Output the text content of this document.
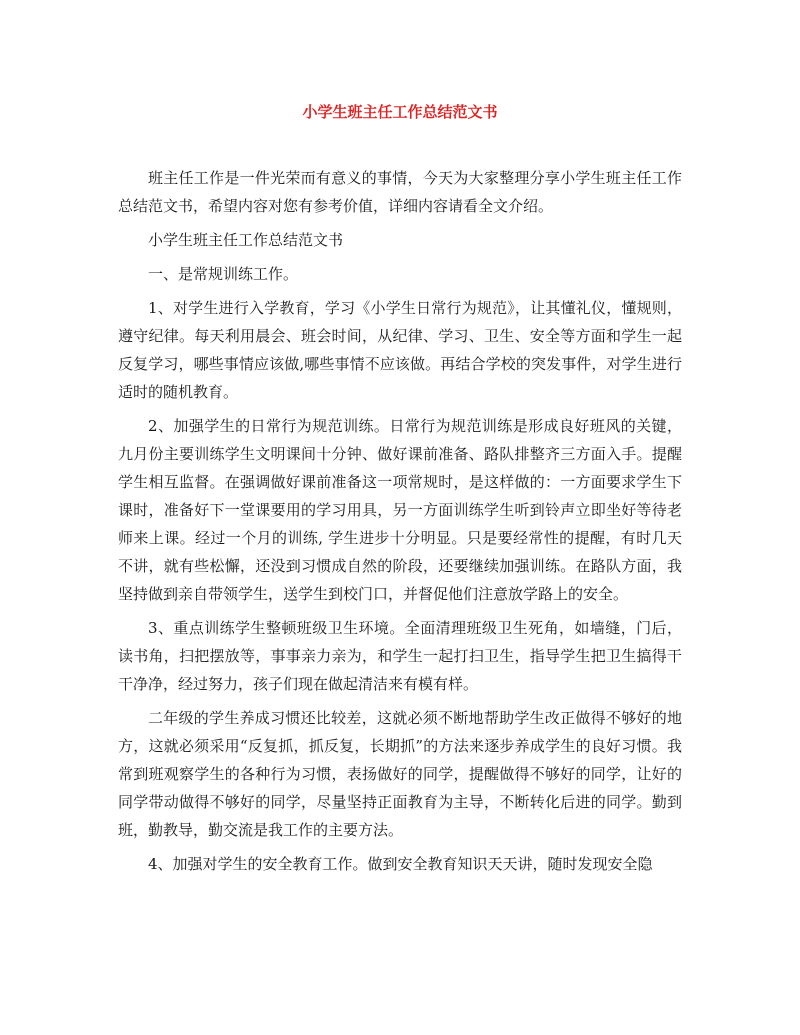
小学生班主任工作总结范文书

班主任工作是一件光荣而有意义的事情，今天为大家整理分享小学生班主任工作总结范文书，希望内容对您有参考价值，详细内容请看全文介绍。

小学生班主任工作总结范文书

一、是常规训练工作。

1、对学生进行入学教育，学习《小学生日常行为规范》，让其懂礼仪，懂规则，遵守纪律。每天利用晨会、班会时间，从纪律、学习、卫生、安全等方面和学生一起反复学习，哪些事情应该做,哪些事情不应该做。再结合学校的突发事件，对学生进行适时的随机教育。

2、加强学生的日常行为规范训练。日常行为规范训练是形成良好班风的关键，九月份主要训练学生文明课间十分钟、做好课前准备、路队排整齐三方面入手。提醒学生相互监督。在强调做好课前准备这一项常规时，是这样做的：一方面要求学生下课时，准备好下一堂课要用的学习用具，另一方面训练学生听到铃声立即坐好等待老师来上课。经过一个月的训练, 学生进步十分明显。只是要经常性的提醒，有时几天不讲，就有些松懈，还没到习惯成自然的阶段，还要继续加强训练。在路队方面，我坚持做到亲自带领学生，送学生到校门口，并督促他们注意放学路上的安全。

3、重点训练学生整顿班级卫生环境。全面清理班级卫生死角，如墙缝，门后，读书角，扫把摆放等，事事亲力亲为，和学生一起打扫卫生，指导学生把卫生搞得干干净净，经过努力，孩子们现在做起清洁来有模有样。

二年级的学生养成习惯还比较差，这就必须不断地帮助学生改正做得不够好的地方，这就必须采用“反复抓，抓反复，长期抓”的方法来逐步养成学生的良好习惯。我常到班观察学生的各种行为习惯，表扬做好的同学，提醒做得不够好的同学，让好的同学带动做得不够好的同学，尽量坚持正面教育为主导，不断转化后进的同学。勤到班，勤教导，勤交流是我工作的主要方法。

4、加强对学生的安全教育工作。做到安全教育知识天天讲，随时发现安全隐
